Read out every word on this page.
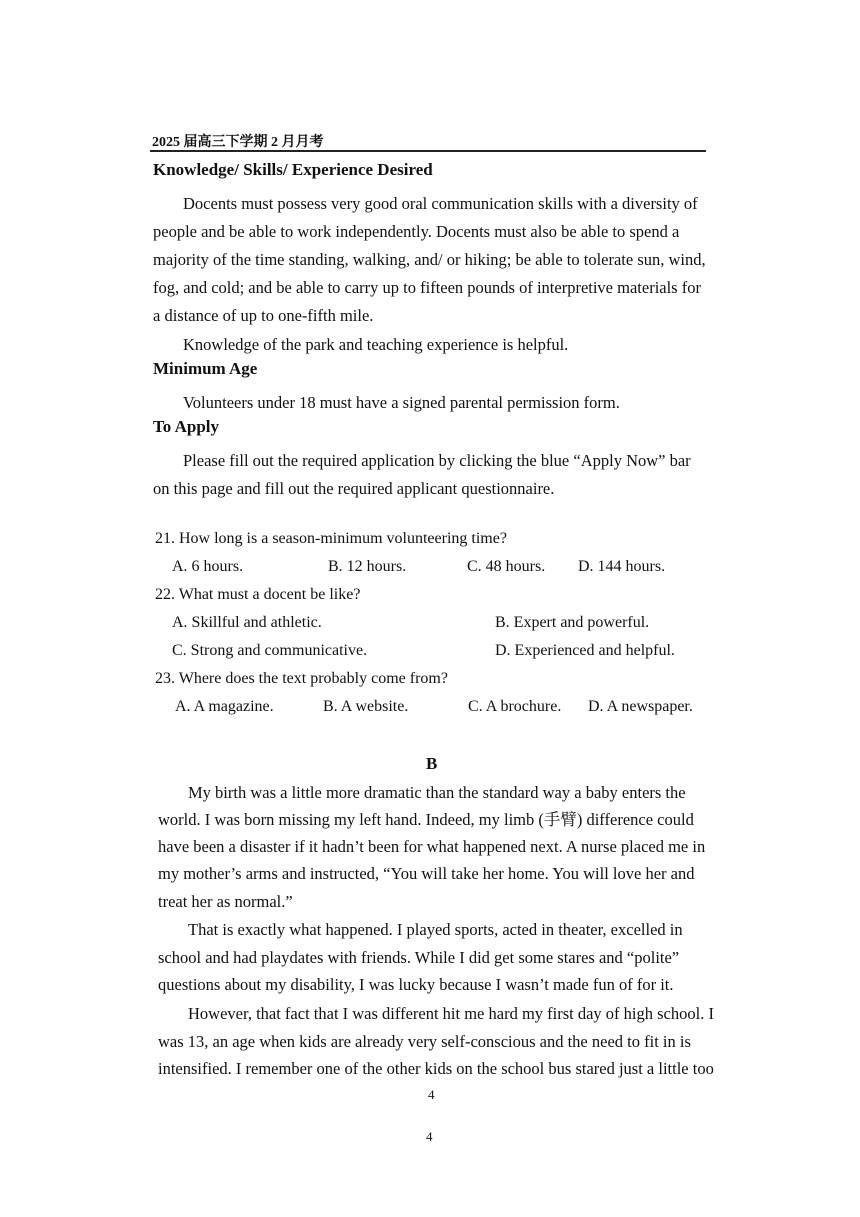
2025 届高三下学期 2 月月考
Knowledge/ Skills/ Experience Desired
Docents must possess very good oral communication skills with a diversity of
people and be able to work independently. Docents must also be able to spend a
majority of the time standing, walking, and/ or hiking; be able to tolerate sun, wind,
fog, and cold; and be able to carry up to fifteen pounds of interpretive materials for
a distance of up to one-fifth mile.
Knowledge of the park and teaching experience is helpful.
Minimum Age
Volunteers under 18 must have a signed parental permission form.
To Apply
Please fill out the required application by clicking the blue “Apply Now” bar
on this page and fill out the required applicant questionnaire.
21. How long is a season-minimum volunteering time?
A. 6 hours.	B. 12 hours.	C. 48 hours. D. 144 hours.
22. What must a docent be like?
A. Skillful and athletic.	B. Expert and powerful.
C. Strong and communicative.	D. Experienced and helpful.
23. Where does the text probably come from?
A. A magazine.	B. A website.	C. A brochure. D. A newspaper.
B
My birth was a little more dramatic than the standard way a baby enters the
world. I was born missing my left hand. Indeed, my limb (手臂) difference could
have been a disaster if it hadn’t been for what happened next. A nurse placed me in
my mother’s arms and instructed, “You will take her home. You will love her and
treat her as normal.”
That is exactly what happened. I played sports, acted in theater, excelled in
school and had playdates with friends. While I did get some stares and “polite”
questions about my disability, I was lucky because I wasn’t made fun of for it.
However, that fact that I was different hit me hard my first day of high school. I
was 13, an age when kids are already very self-conscious and the need to fit in is
intensified. I remember one of the other kids on the school bus stared just a little too
4
4
